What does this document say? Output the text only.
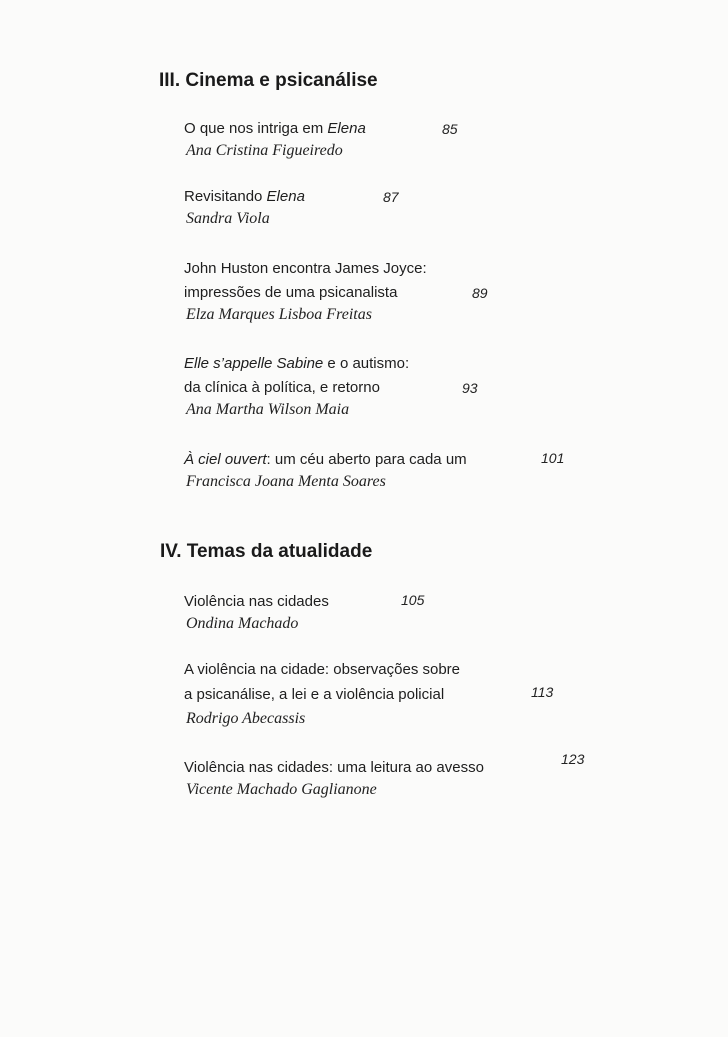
III. Cinema e psicanálise
O que nos intriga em Elena	85
Ana Cristina Figueiredo
Revisitando Elena	87
Sandra Viola
John Huston encontra James Joyce:
impressões de uma psicanalista	89
Elza Marques Lisboa Freitas
Elle s’appelle Sabine e o autismo:
da clínica à política, e retorno	93
Ana Martha Wilson Maia
À ciel ouvert: um céu aberto para cada um	101
Francisca Joana Menta Soares
IV. Temas da atualidade
Violência nas cidades	105
Ondina Machado
A violência na cidade: observações sobre
a psicanálise, a lei e a violência policial	113
Rodrigo Abecassis
Violência nas cidades: uma leitura ao avesso	123
Vicente Machado Gaglianone
